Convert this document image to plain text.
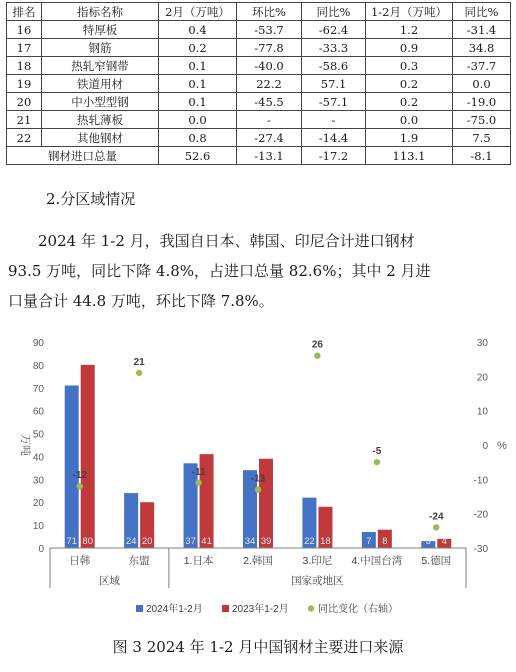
排名	指标名称	2月（万吨）	环比%	同比%	1-2月（万吨）	同比%
16	特厚板	0.4	-53.7	-62.4	1.2	-31.4
17	钢筋	0.2	-77.8	-33.3	0.9	34.8
18	热轧窄钢带	0.1	-40.0	-58.6	0.3	-37.7
19	铁道用材	0.1	22.2	57.1	0.2	0.0
20	中小型型钢	0.1	-45.5	-57.1	0.2	-19.0
21	热轧薄板	0.0	-	-	0.0	-75.0
22	其他钢材	0.8	-27.4	-14.4	1.9	7.5
钢材进口总量		52.6	-13.1	-17.2	113.1	-8.1
2.分区域情况
2024 年 1-2 月，我国自日本、韩国、印尼合计进口钢材
93.5 万吨，同比下降 4.8%，占进口总量 82.6%；其中 2 月进
口量合计 44.8 万吨，环比下降 7.8%。
0
10
20
30
40
50
60
70
80
90
-30
-20
-10
0
10
20
30
万吨	%
71	24	37	34	22	7	3
80	20	41	39	18	8	4
-12
21
-11
-13
26
-5
-24
日韩	东盟	1.日本	2.韩国	3.印尼 4.中国台湾 5.德国
区域	国家或地区
2024年1-2月	2023年1-2月	同比变化（右轴）
图 3 2024 年 1-2 月中国钢材主要进口来源
